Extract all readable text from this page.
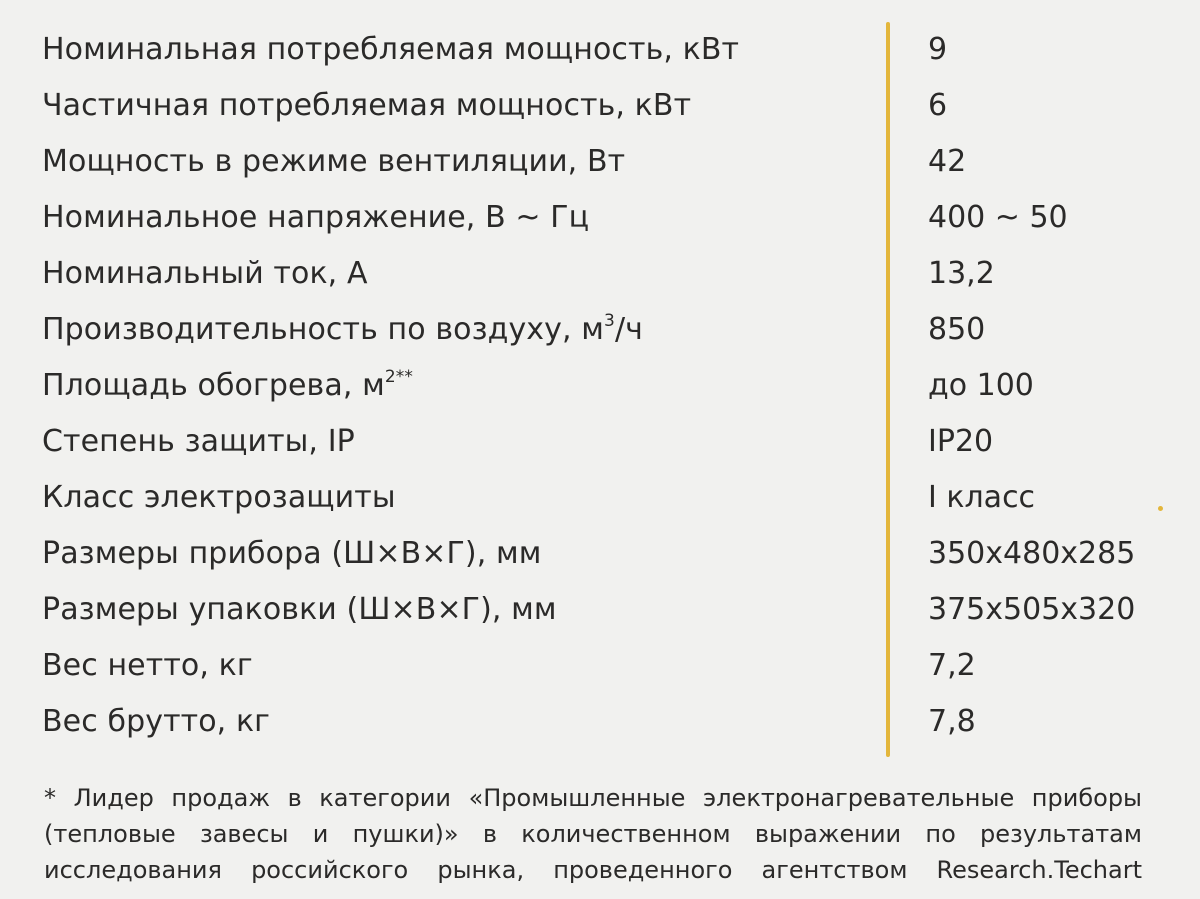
Номинальная потребляемая мощность, кВт	9
Частичная потребляемая мощность, кВт	6
Мощность в режиме вентиляции, Вт	42
Номинальное напряжение, В ~ Гц	400 ~ 50
Номинальный ток, А	13,2
Производительность по воздуху, $м^3/ч$	850
Площадь обогрева, $м^{2**}$	до 100
Степень защиты, IP	IP20
Класс электрозащиты	I класс
Размеры прибора (Ш×В×Г), мм	350x480x285
Размеры упаковки (Ш×В×Г), мм	375x505x320
Вес нетто, кг	7,2
Вес брутто, кг	7,8
* Лидер продаж в категории «Промышленные электронагревательные приборы
(тепловые завесы и пушки)» в количественном выражении по результатам
исследования российского рынка, проведенного агентством Research.Techart
